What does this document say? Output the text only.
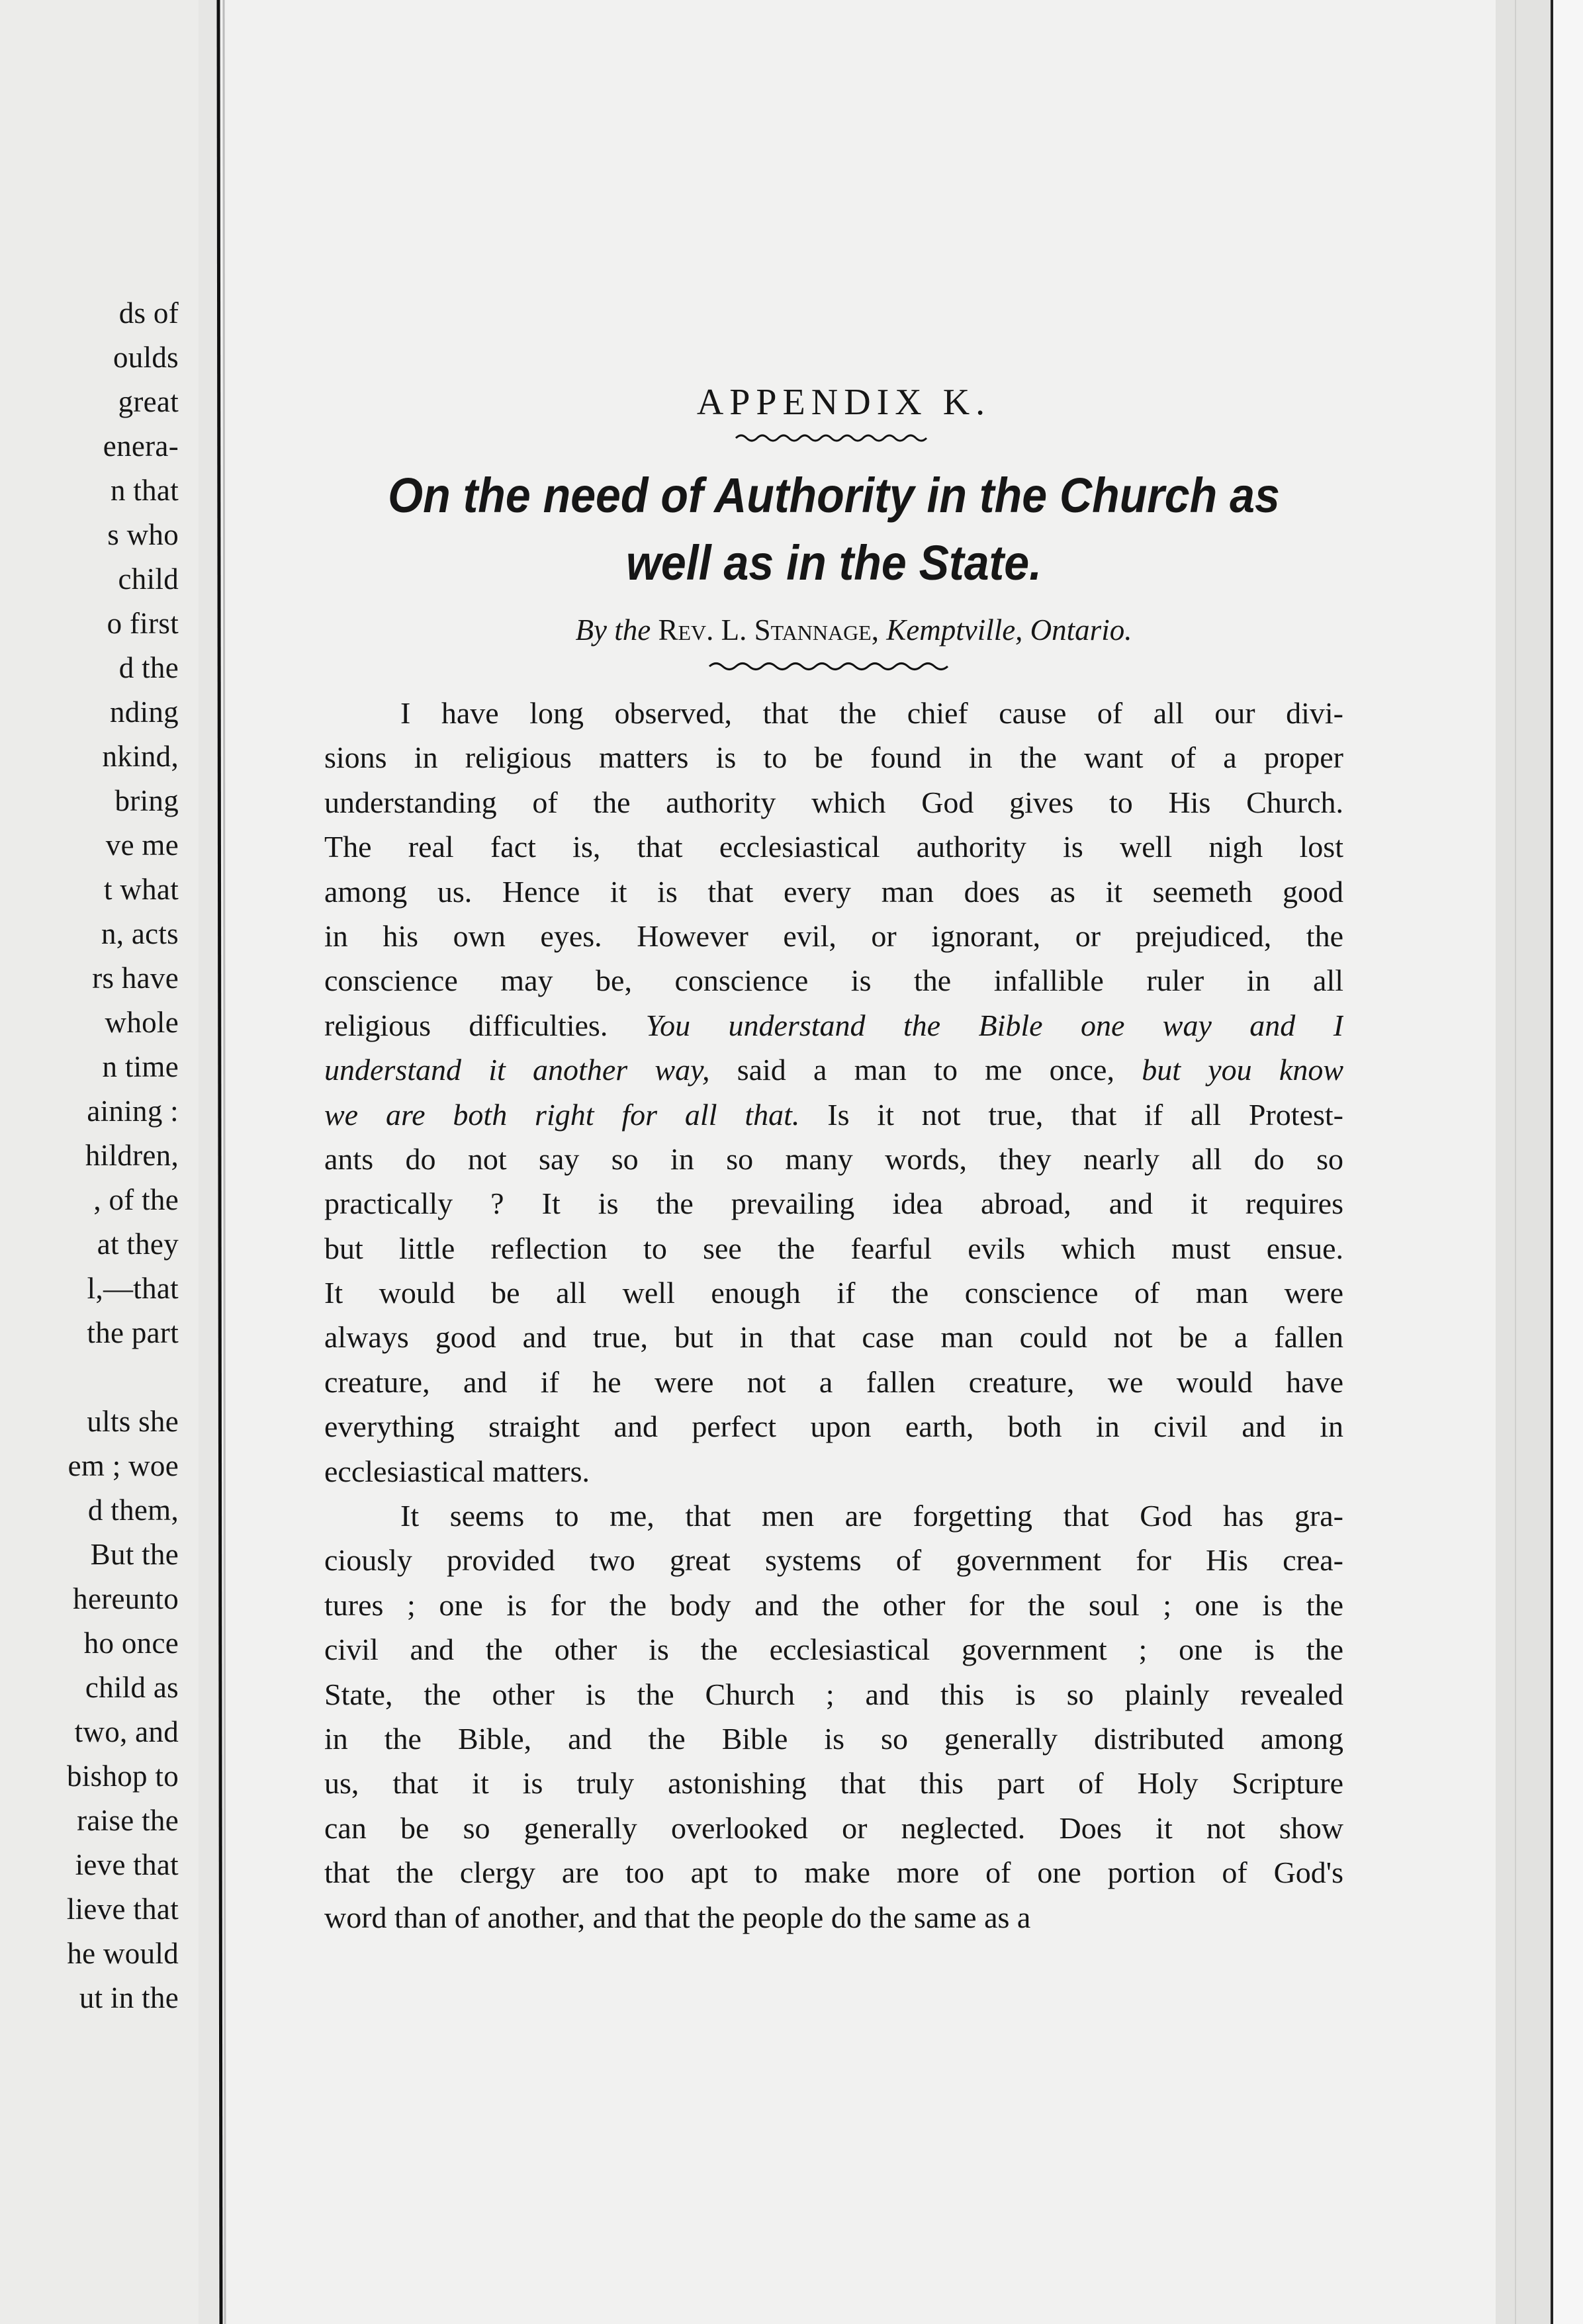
ds of
oulds
great
enera-
n that
s who
child
o first
d the
nding
nkind,
bring
ve me
t what
n, acts
rs have
whole
n time
aining :
hildren,
, of the
at they
l,—that
the part

ults she
em ; woe
d them,
But the
hereunto
ho once
child as
two, and
bishop to
raise the
ieve that
lieve that
he would
ut in the
APPENDIX K.
On the need of Authority in the Church as
well as in the State.
By the Rev. L. Stannage, Kemptville, Ontario.
I have long observed, that the chief cause of all our divi-
sions in religious matters is to be found in the want of a proper
understanding of the authority which God gives to His Church.
The real fact is, that ecclesiastical authority is well nigh lost
among us. Hence it is that every man does as it seemeth good
in his own eyes. However evil, or ignorant, or prejudiced, the
conscience may be, conscience is the infallible ruler in all
religious difficulties. You understand the Bible one way and I
understand it another way, said a man to me once, but you know
we are both right for all that. Is it not true, that if all Protest-
ants do not say so in so many words, they nearly all do so
practically ? It is the prevailing idea abroad, and it requires
but little reflection to see the fearful evils which must ensue.
It would be all well enough if the conscience of man were
always good and true, but in that case man could not be a fallen
creature, and if he were not a fallen creature, we would have
everything straight and perfect upon earth, both in civil and in
ecclesiastical matters.
It seems to me, that men are forgetting that God has gra-
ciously provided two great systems of government for His crea-
tures ; one is for the body and the other for the soul ; one is the
civil and the other is the ecclesiastical government ; one is the
State, the other is the Church ; and this is so plainly revealed
in the Bible, and the Bible is so generally distributed among
us, that it is truly astonishing that this part of Holy Scripture
can be so generally overlooked or neglected. Does it not show
that the clergy are too apt to make more of one portion of God's
word than of another, and that the people do the same as a
